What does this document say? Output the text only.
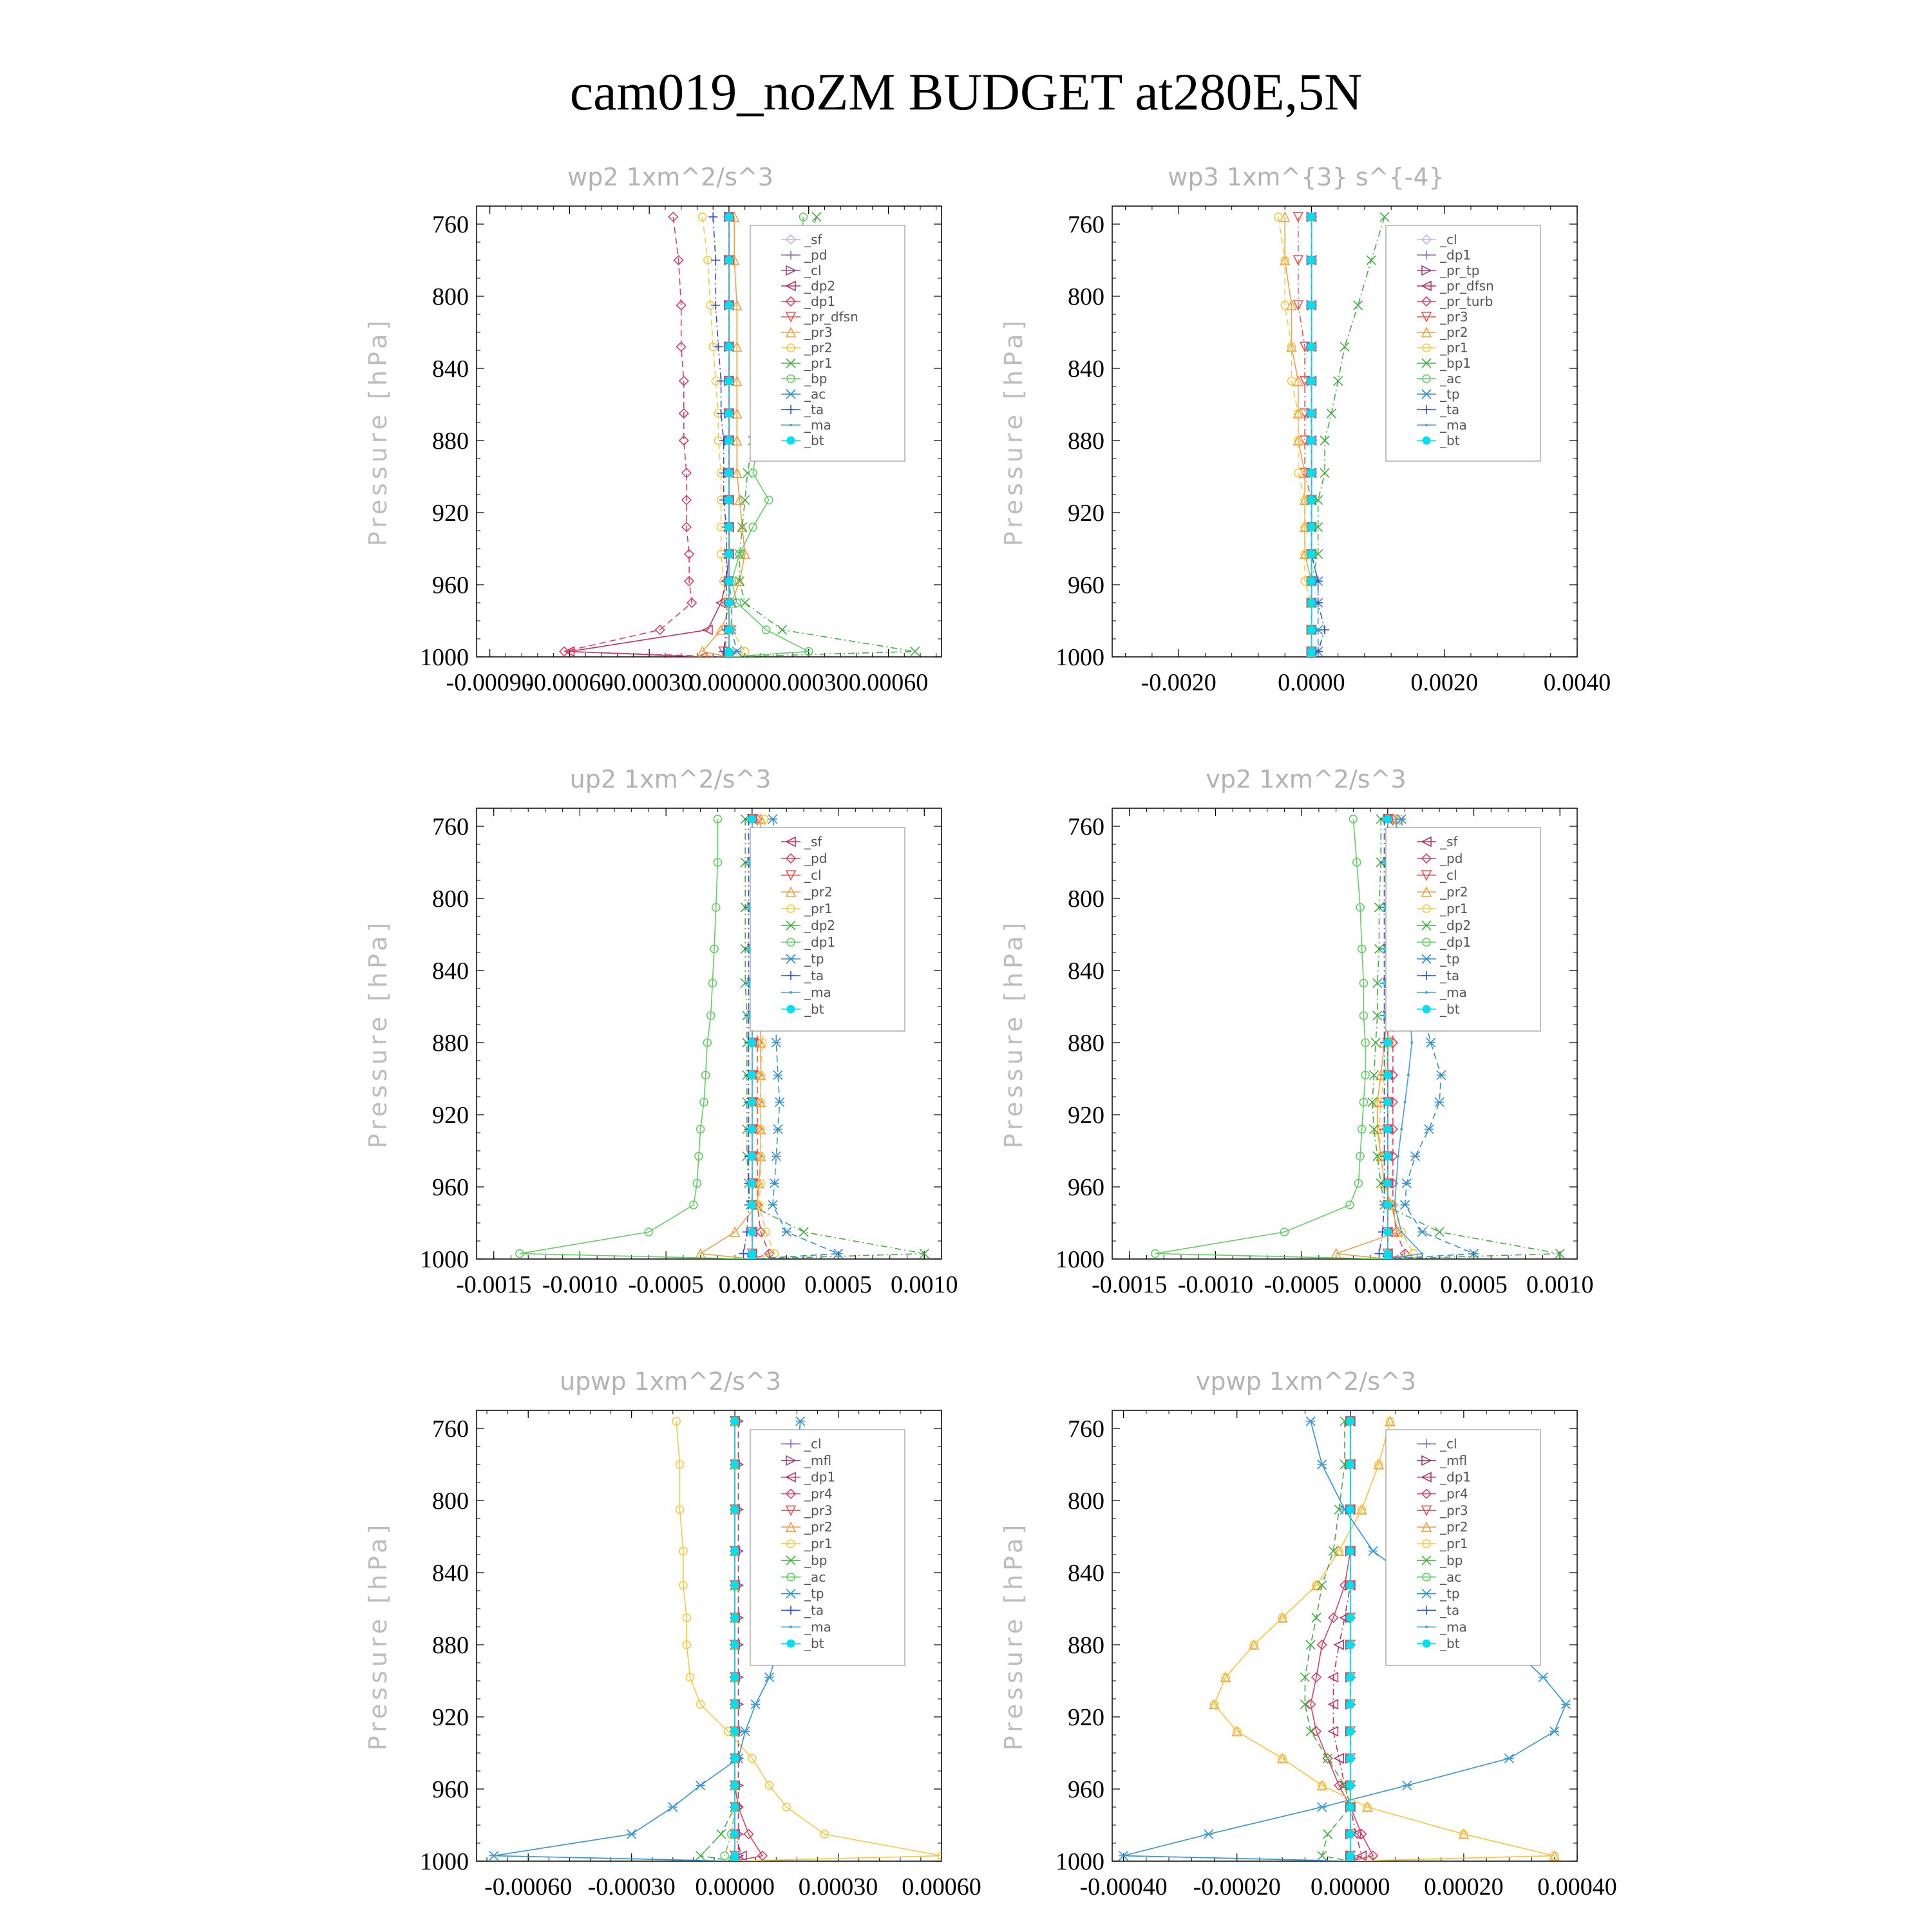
cam019_noZM BUDGET at280E,5N
wp2 1xm^2/s^3
Pressure [hPa]
760
800
840
880
920
960
1000
-0.00090
-0.00060
-0.00030
0.00000 0.00030 0.00060
_sf
_pd
_cl
_dp2
_dp1
_pr_dfsn
_pr3
_pr2
_pr1
_bp
_ac
_ta
_ma
_bt
wp3 1xm^{3} s^{-4}
Pressure [hPa]
760
800
840
880
920
960
1000
-0.0020	0.0000	0.0020	0.0040
_cl
_dp1
_pr_tp
_pr_dfsn
_pr_turb
_pr3
_pr2
_pr1
_bp1
_ac
_tp
_ta
_ma
_bt
up2 1xm^2/s^3
Pressure [hPa]
760
800
840
880
920
960
1000
-0.0015 -0.0010 -0.0005 0.0000 0.0005 0.0010
_sf
_pd
_cl
_pr2
_pr1
_dp2
_dp1
_tp
_ta
_ma
_bt
vp2 1xm^2/s^3
Pressure [hPa]
760
800
840
880
920
960
1000
-0.0015 -0.0010 -0.0005 0.0000 0.0005 0.0010
_sf
_pd
_cl
_pr2
_pr1
_dp2
_dp1
_tp
_ta
_ma
_bt
upwp 1xm^2/s^3
Pressure [hPa]
760
800
840
880
920
960
1000
-0.00060 -0.00030 0.00000 0.00030 0.00060
_cl
_mfl
_dp1
_pr4
_pr3
_pr2
_pr1
_bp
_ac
_tp
_ta
_ma
_bt
vpwp 1xm^2/s^3
Pressure [hPa]
760
800
840
880
920
960
1000
-0.00040 -0.00020 0.00000 0.00020 0.00040
_cl
_mfl
_dp1
_pr4
_pr3
_pr2
_pr1
_bp
_ac
_tp
_ta
_ma
_bt
